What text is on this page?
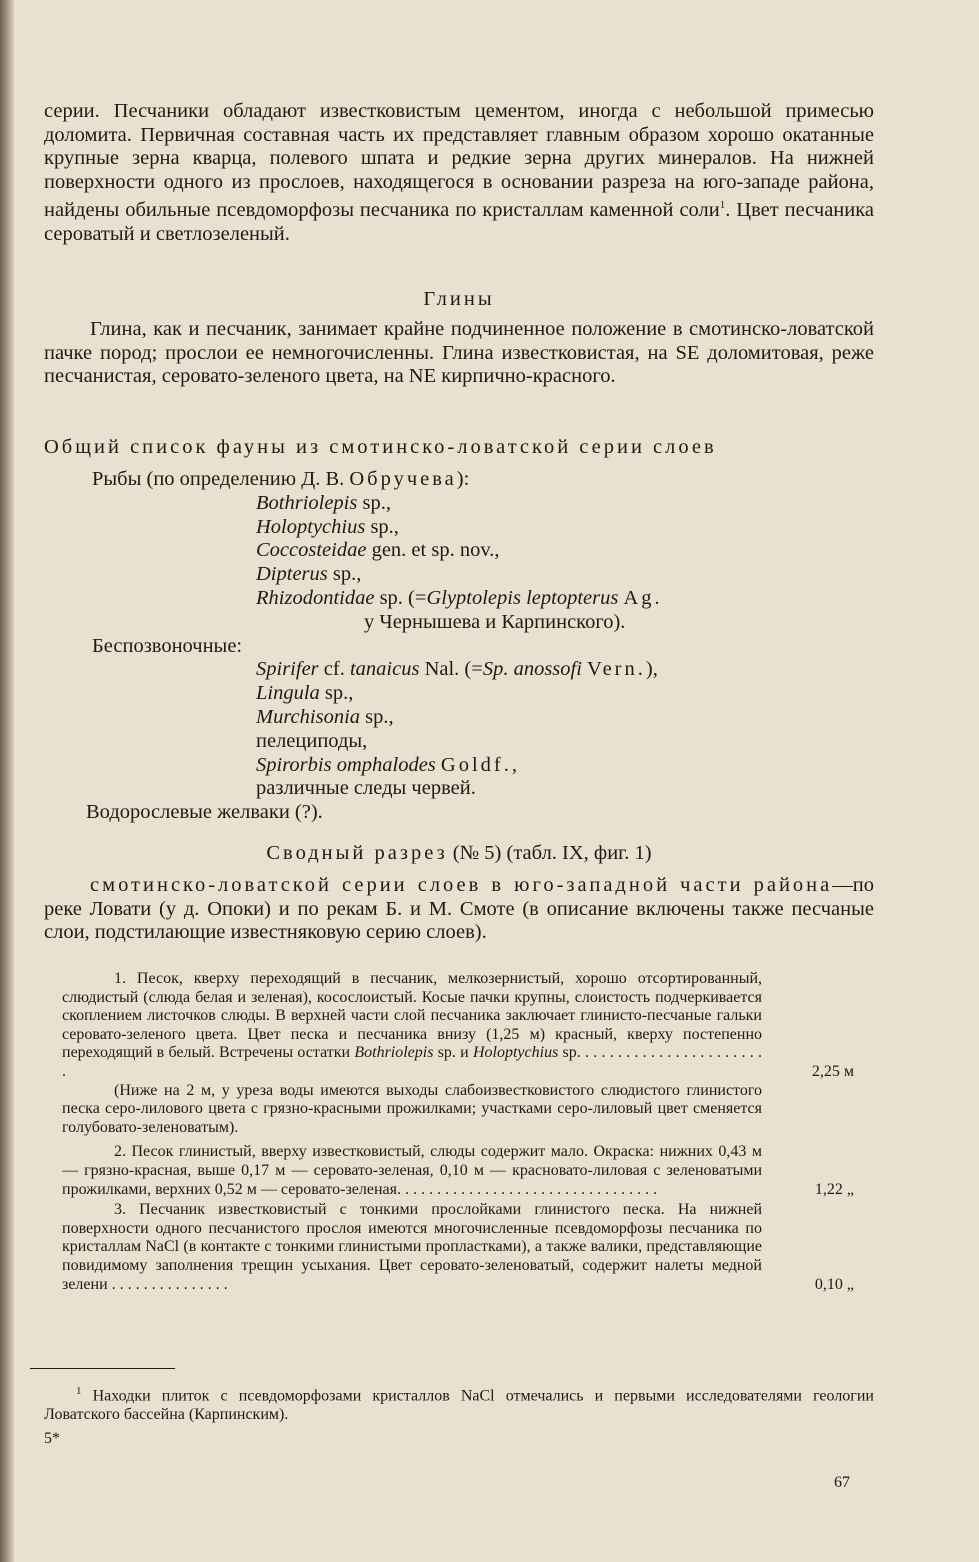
серии. Песчаники обладают известковистым цементом, иногда с небольшой примесью доломита. Первичная составная часть их представляет главным образом хорошо окатанные крупные зерна кварца, полевого шпата и редкие зерна других минералов. На нижней поверхности одного из прослоев, находящегося в основании разреза на юго-западе района, найдены обильные псевдоморфозы песчаника по кристаллам каменной соли$^1$. Цвет песчаника сероватый и светлозеленый.

Глины

Глина, как и песчаник, занимает крайне подчиненное положение в смотинско-ловатской пачке пород; прослои ее немногочисленны. Глина известковистая, на SE доломитовая, реже песчанистая, серовато-зеленого цвета, на NE кирпично-красного.

Общий список фауны из смотинско-ловатской серии слоев

Рыбы (по определению Д. В. Обручева):
Bothriolepis sp.,
Holoptychius sp.,
Coccosteidae gen. et sp. nov.,
Dipterus sp.,
Rhizodontidae sp. (=Glyptolepis leptopterus Ag.
у Чернышева и Карпинского).
Беспозвоночные:
Spirifer cf. tanaicus Nal. (=Sp. anossofi Vern.),
Lingula sp.,
Murchisonia sp.,
пелециподы,
Spirorbis omphalodes Goldf.,
различные следы червей.
Водорослевые желваки (?).

Сводный разрез (№ 5) (табл. IX, фиг. 1)

смотинско-ловатской серии слоев в юго-западной части района—по реке Ловати (у д. Опоки) и по рекам Б. и М. Смоте (в описание включены также песчаные слои, подстилающие известняковую серию слоев).

1. Песок, кверху переходящий в песчаник, мелкозернистый, хорошо отсортированный, слюдистый (слюда белая и зеленая), косослоистый. Косые пачки крупны, слоистость подчеркивается скоплением листочков слюды. В верхней части слой песчаника заключает глинисто-песчаные гальки серовато-зеленого цвета. Цвет песка и песчаника внизу (1,25 м) красный, кверху постепенно переходящий в белый. Встречены остатки Bothriolepis sp. и Holoptychius sp. . . . . . . . . . . . . . . . . . . . . . . .	2,25 м

(Ниже на 2 м, у уреза воды имеются выходы слабоизвестковистого слюдистого глинистого песка серо-лилового цвета с грязно-красными прожилками; участками серо-лиловый цвет сменяется голубовато-зеленоватым).

2. Песок глинистый, вверху известковистый, слюды содержит мало. Окраска: нижних 0,43 м — грязно-красная, выше 0,17 м — серовато-зеленая, 0,10 м — красновато-лиловая с зеленоватыми прожилками, верхних 0,52 м — серовато-зеленая. . . . . . . . . . . . . . . . . . . . . . . . . . . . . . . . .	1,22 „

3. Песчаник известковистый с тонкими прослойками глинистого песка. На нижней поверхности одного песчанистого прослоя имеются многочисленные псевдоморфозы песчаника по кристаллам NaCl (в контакте с тонкими глинистыми пропластками), а также валики, представляющие повидимому заполнения трещин усыхания. Цвет серовато-зеленоватый, содержит налеты медной зелени . . . . . . . . . . . . . . .	0,10 „

$^1$ Находки плиток с псевдоморфозами кристаллов NaCl отмечались и первыми исследователями геологии Ловатского бассейна (Карпинским).

5*
67
